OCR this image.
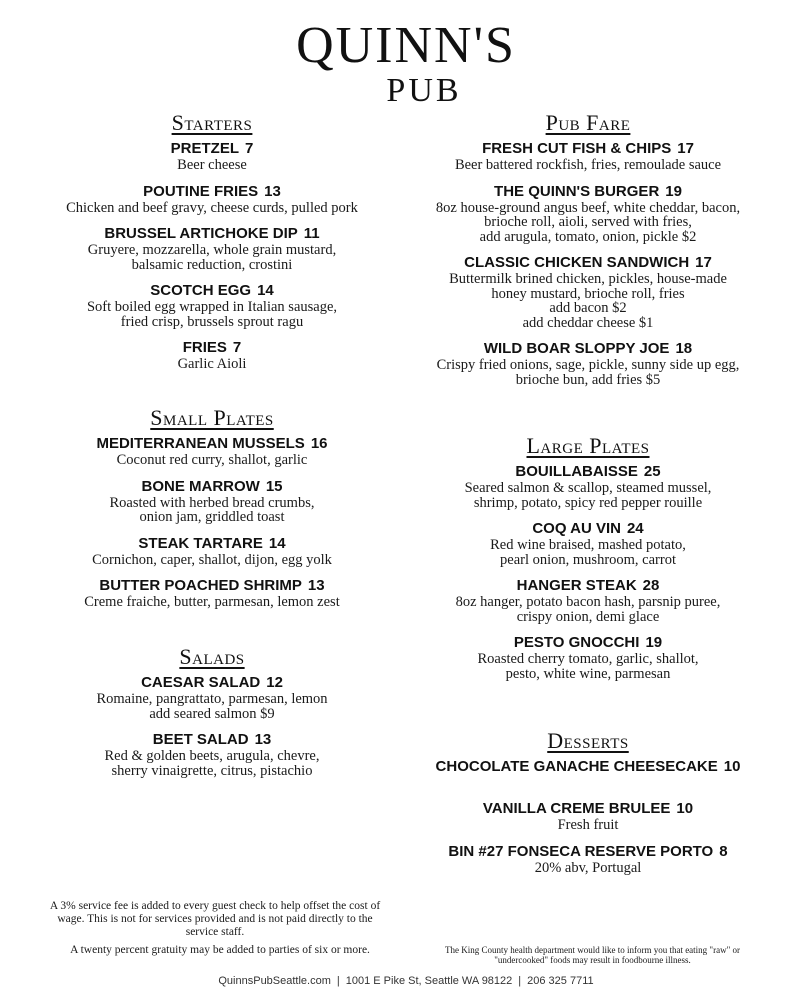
QUINN'S
PUB
Starters
PRETZEL 7
Beer cheese
POUTINE FRIES 13
Chicken and beef gravy, cheese curds, pulled pork
BRUSSEL ARTICHOKE DIP 11
Gruyere, mozzarella, whole grain mustard,
balsamic reduction, crostini
SCOTCH EGG 14
Soft boiled egg wrapped in Italian sausage,
fried crisp, brussels sprout ragu
FRIES 7
Garlic Aioli
Small Plates
MEDITERRANEAN MUSSELS 16
Coconut red curry, shallot, garlic
BONE MARROW 15
Roasted with herbed bread crumbs,
onion jam, griddled toast
STEAK TARTARE 14
Cornichon, caper, shallot, dijon, egg yolk
BUTTER POACHED SHRIMP 13
Creme fraiche, butter, parmesan, lemon zest
Salads
CAESAR SALAD 12
Romaine, pangrattato, parmesan, lemon
add seared salmon $9
BEET SALAD 13
Red & golden beets, arugula, chevre,
sherry vinaigrette, citrus, pistachio
Pub Fare
FRESH CUT FISH & CHIPS 17
Beer battered rockfish, fries, remoulade sauce
THE QUINN'S BURGER 19
8oz house-ground angus beef, white cheddar, bacon,
brioche roll, aioli, served with fries,
add arugula, tomato, onion, pickle $2
CLASSIC CHICKEN SANDWICH 17
Buttermilk brined chicken, pickles, house-made
honey mustard, brioche roll, fries
add bacon $2
add cheddar cheese $1
WILD BOAR SLOPPY JOE 18
Crispy fried onions, sage, pickle, sunny side up egg,
brioche bun, add fries $5
Large Plates
BOUILLABAISSE 25
Seared salmon & scallop, steamed mussel,
shrimp, potato, spicy red pepper rouille
COQ AU VIN 24
Red wine braised, mashed potato,
pearl onion, mushroom, carrot
HANGER STEAK 28
8oz hanger, potato bacon hash, parsnip puree,
crispy onion, demi glace
PESTO GNOCCHI 19
Roasted cherry tomato, garlic, shallot,
pesto, white wine, parmesan
Desserts
CHOCOLATE GANACHE CHEESECAKE 10
VANILLA CREME BRULEE 10
Fresh fruit
BIN #27 FONSECA RESERVE PORTO 8
20% abv, Portugal
A 3% service fee is added to every guest check to help offset the cost of wage. This is not for services provided and is not paid directly to the service staff.
A twenty percent gratuity may be added to parties of six or more.	The King County health department would like to inform you that eating "raw" or "undercooked" foods may result in foodbourne illness.
QuinnsPubSeattle.com | 1001 E Pike St, Seattle WA 98122 | 206 325 7711
